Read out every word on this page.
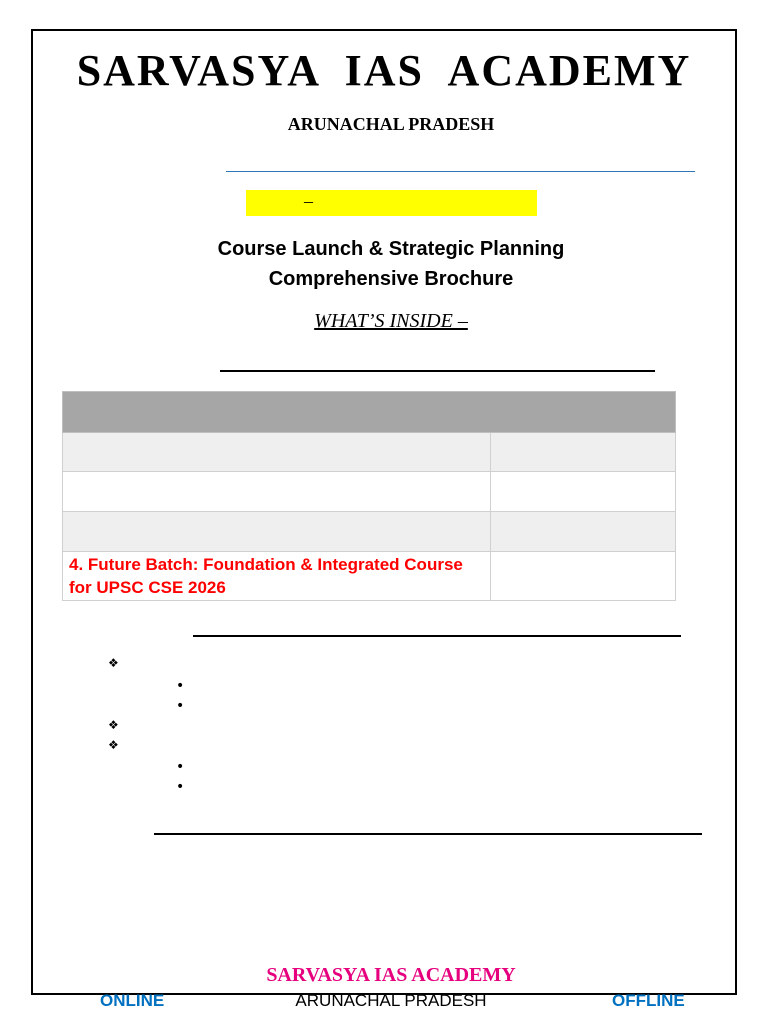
SARVASYA  IAS  ACADEMY
ARUNACHAL PRADESH
–
Course Launch & Strategic Planning
Comprehensive Brochure
WHAT’S INSIDE –

4. Future Batch: Foundation & Integrated Course for UPSC CSE 2026	
❖
•
•
❖
❖
•
•
SARVASYA IAS ACADEMY
ARUNACHAL PRADESH
ONLINE	OFFLINE
